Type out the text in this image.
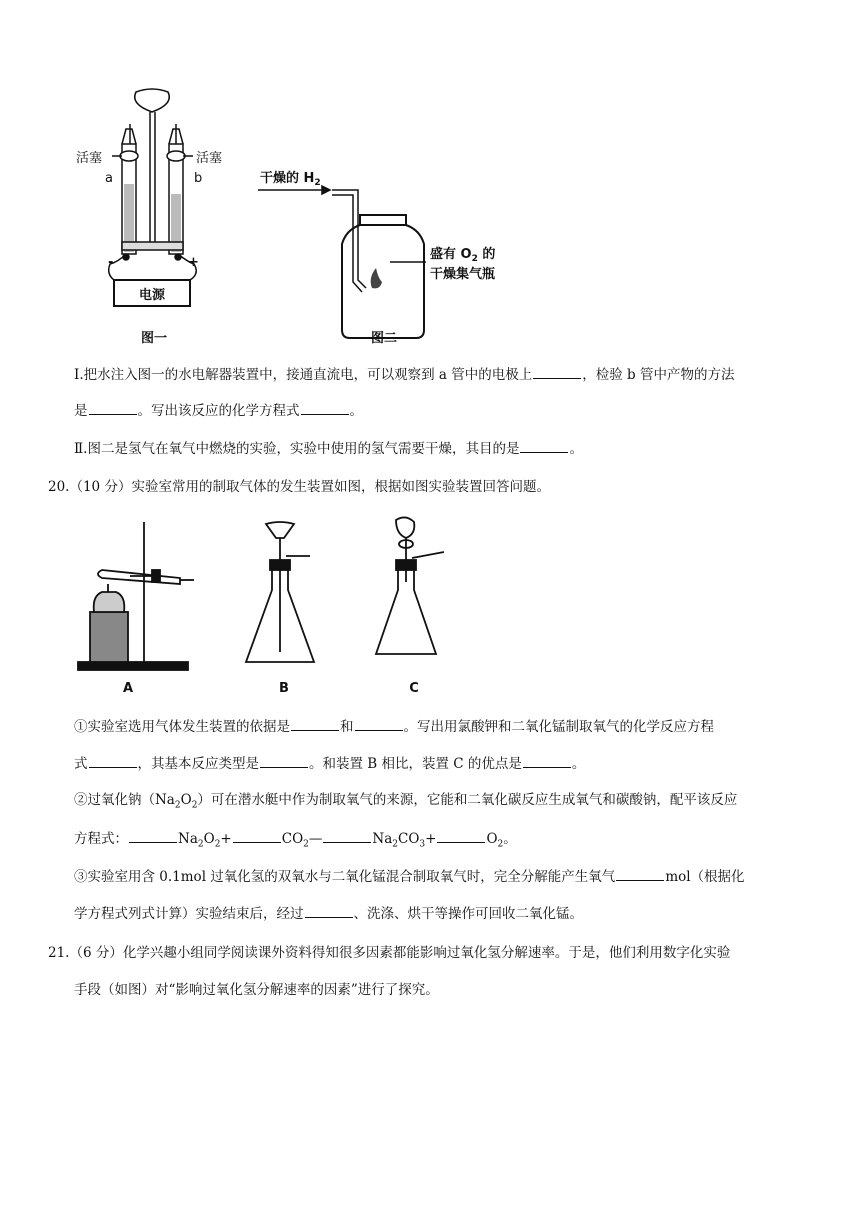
电源
活塞	活塞
a	b
-	+
图一
干燥的 $H_2$
盛有 $O_2$ 的
干燥集气瓶
图二
Ⅰ.把水注入图一的水电解器装置中，接通直流电，可以观察到 a 管中的电极上	，检验 b 管中产物的方法
是	。写出该反应的化学方程式	。
Ⅱ.图二是氢气在氧气中燃烧的实验，实验中使用的氢气需要干燥，其目的是	。
20.（10 分）实验室常用的制取气体的发生装置如图，根据如图实验装置回答问题。
A	B	C
①实验室选用气体发生装置的依据是	和	。写出用氯酸钾和二氧化锰制取氧气的化学反应方程
式	，其基本反应类型是	。和装置 B 相比，装置 C 的优点是	。
②过氧化钠$(Na_2O_2)$可在潜水艇中作为制取氧气的来源，它能和二氧化碳反应生成氧气和碳酸钠，配平该反应
方程式：	$Na_2O_2+$	$CO_2—$	$Na_2CO_3+$	$O_2$。
③实验室用含 0.1mol 过氧化氢的双氧水与二氧化锰混合制取氧气时，完全分解能产生氧气	mol（根据化
学方程式列式计算）实验结束后，经过	、洗涤、烘干等操作可回收二氧化锰。
21.（6 分）化学兴趣小组同学阅读课外资料得知很多因素都能影响过氧化氢分解速率。于是，他们利用数字化实验
手段（如图）对“影响过氧化氢分解速率的因素”进行了探究。
